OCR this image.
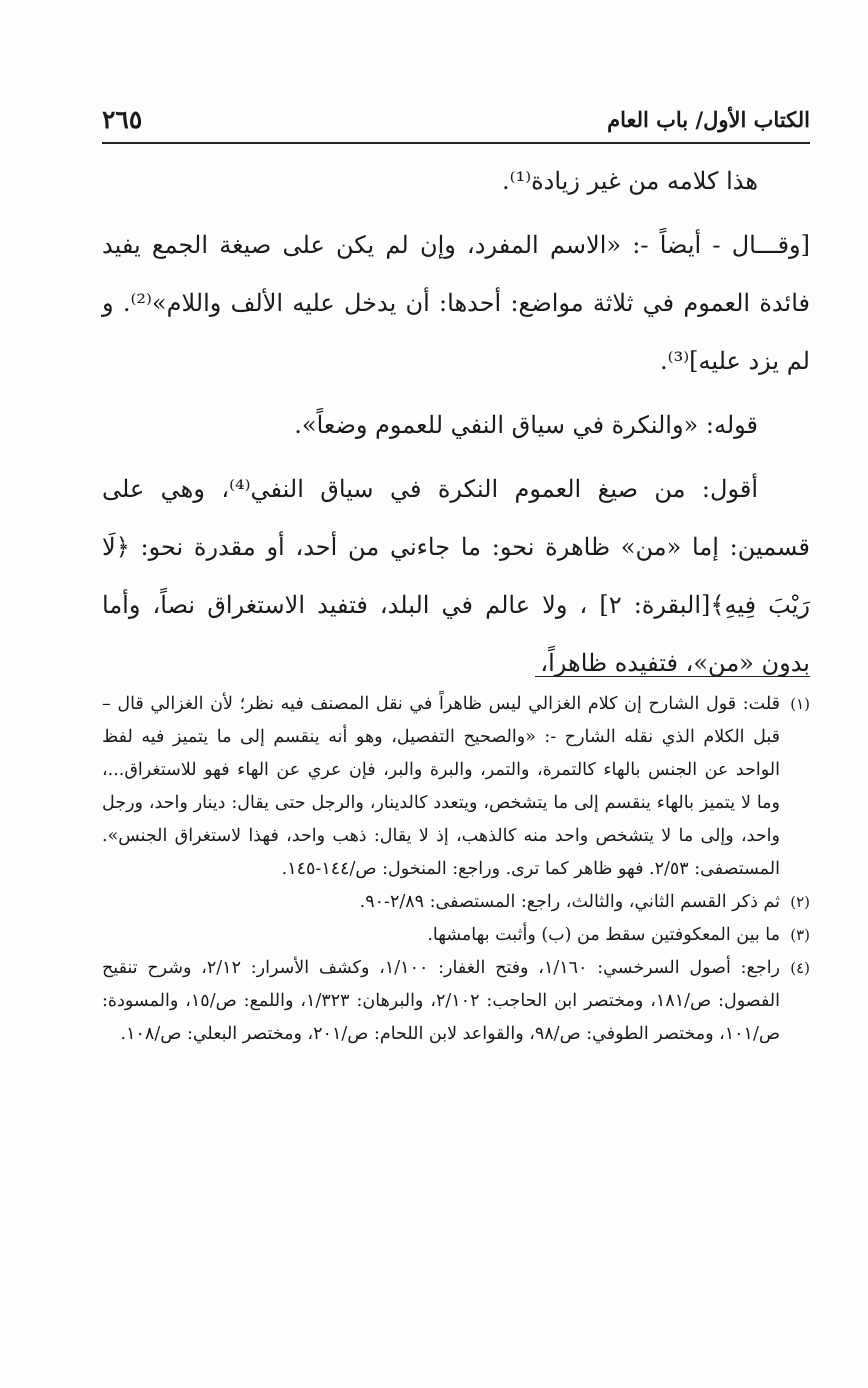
الكتاب الأول/ باب العام
٢٦٥

هذا كلامه من غير زيادة⁽¹⁾.

[وقـــال - أيضاً -: «الاسم المفرد، وإن لم يكن على صيغة الجمع يفيد فائدة العموم في ثلاثة مواضع: أحدها: أن يدخل عليه الألف واللام»⁽²⁾. و لم يزد عليه]⁽³⁾.

قوله: «والنكرة في سياق النفي للعموم وضعاً».

أقول: من صيغ العموم النكرة في سياق النفي⁽⁴⁾، وهي على قسمين: إما «من» ظاهرة نحو: ما جاءني من أحد، أو مقدرة نحو: ﴿لَا رَيْبَ فِيهِ﴾[البقرة: ٢] ، ولا عالم في البلد، فتفيد الاستغراق نصاً، وأما بدون «من»، فتفيده ظاهراً،

(١)
قلت: قول الشارح إن كلام الغزالي ليس ظاهراً في نقل المصنف فيه نظر؛ لأن الغزالي قال – قبل الكلام الذي نقله الشارح -: «والصحيح التفصيل، وهو أنه ينقسم إلى ما يتميز فيه لفظ الواحد عن الجنس بالهاء كالتمرة، والتمر، والبرة والبر، فإن عري عن الهاء فهو للاستغراق...، وما لا يتميز بالهاء ينقسم إلى ما يتشخص، ويتعدد كالدينار، والرجل حتى يقال: دينار واحد، ورجل واحد، وإلى ما لا يتشخص واحد منه كالذهب، إذ لا يقال: ذهب واحد، فهذا لاستغراق الجنس». المستصفى: ٢/٥٣. فهو ظاهر كما ترى. وراجع: المنخول: ص/١٤٤-١٤٥.
(٢)
ثم ذكر القسم الثاني، والثالث، راجع: المستصفى: ٢/٨٩-٩٠.
(٣)
ما بين المعكوفتين سقط من (ب) وأثبت بهامشها.
(٤)
راجع: أصول السرخسي: ١/١٦٠، وفتح الغفار: ١/١٠٠، وكشف الأسرار: ٢/١٢، وشرح تنقيح الفصول: ص/١٨١، ومختصر ابن الحاجب: ٢/١٠٢، والبرهان: ١/٣٢٣، واللمع: ص/١٥، والمسودة: ص/١٠١، ومختصر الطوفي: ص/٩٨، والقواعد لابن اللحام: ص/٢٠١، ومختصر البعلي: ص/١٠٨.
